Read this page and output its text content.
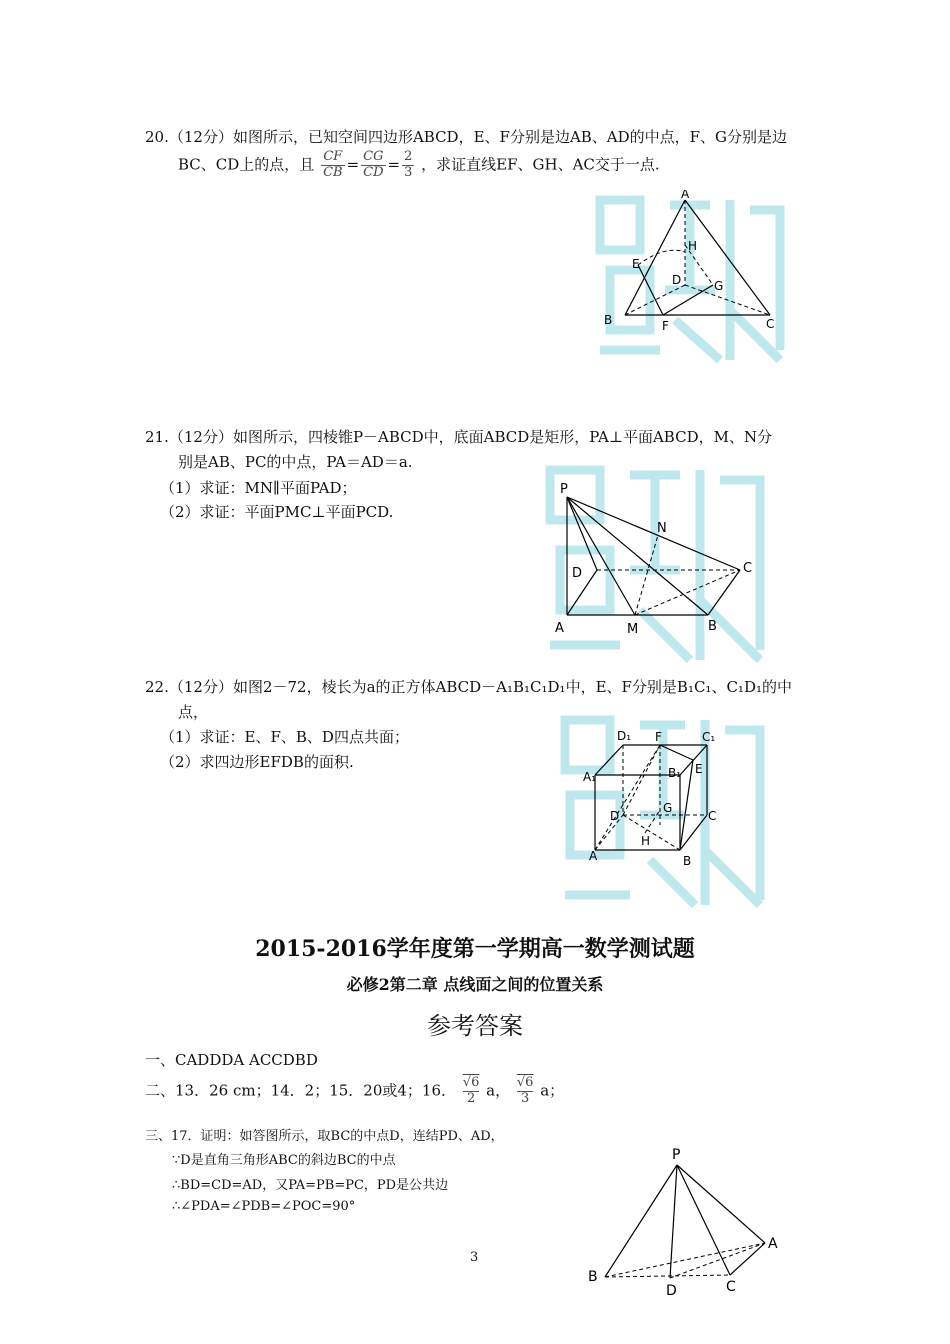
20.（12分）如图所示，已知空间四边形ABCD，E、F分别是边AB、AD的中点，F、G分别是边
BC、CD上的点，且 $\frac{CF}{CB} = \frac{CG}{CD} = \frac{2}{3}$ ，求证直线EF、GH、AC交于一点.
A
H
E
D	G
B	F	C
21.（12分）如图所示，四棱锥P－ABCD中，底面ABCD是矩形，PA⊥平面ABCD，M、N分
别是AB、PC的中点，PA＝AD＝a.
（1）求证：MN∥平面PAD；
（2）求证：平面PMC⊥平面PCD.
P
N
D	C
A	M	B
22.（12分）如图2－72，棱长为a的正方体ABCD－A₁B₁C₁D₁中，E、F分别是B₁C₁、C₁D₁的中
点，
（1）求证：E、F、B、D四点共面；
（2）求四边形EFDB的面积.
D₁ F	C₁
A₁	B₁ E
G
D	C
H
A	B
2015-2016学年度第一学期高一数学测试题
必修2第二章 点线面之间的位置关系
参考答案
一、CADDDA ACCDBD
二、13．26 cm；14．2；15．20或4；16． $\frac{√6}{2}$ a， $\frac{√6}{3}$ a；
三、17．证明：如答图所示，取BC的中点D，连结PD、AD，
∵D是直角三角形ABC的斜边BC的中点
∴BD=CD=AD，又PA=PB=PC，PD是公共边
∴∠PDA=∠PDB=∠POC=90°
P
A
B
D	C
3
